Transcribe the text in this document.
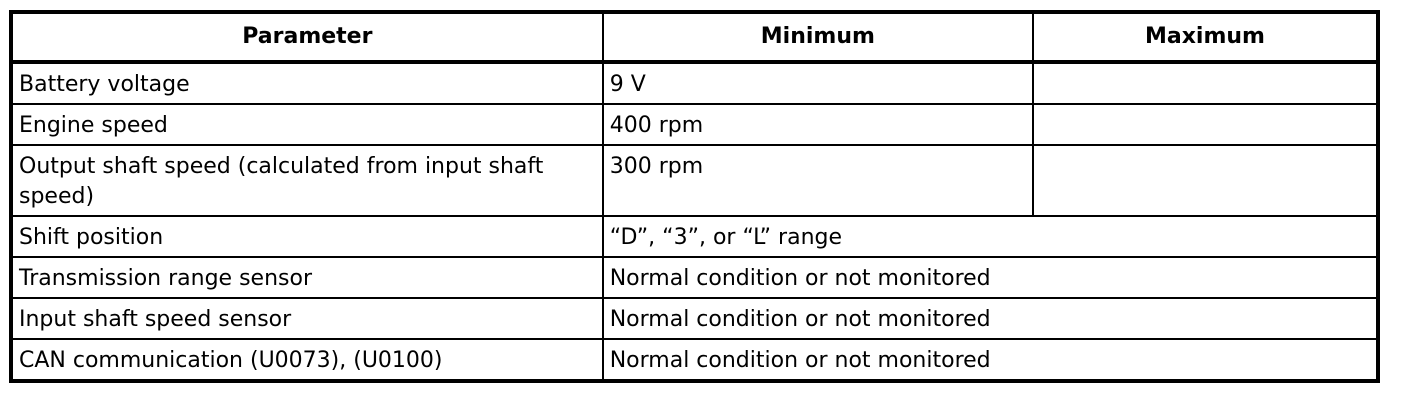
Parameter	Minimum	Maximum
Battery voltage	9 V	
Engine speed	400 rpm	
Output shaft speed (calculated from input shaft speed)	300 rpm	
Shift position	“D”, “3”, or “L” range	
Transmission range sensor	Normal condition or not monitored	
Input shaft speed sensor	Normal condition or not monitored	
CAN communication (U0073), (U0100)	Normal condition or not monitored	
